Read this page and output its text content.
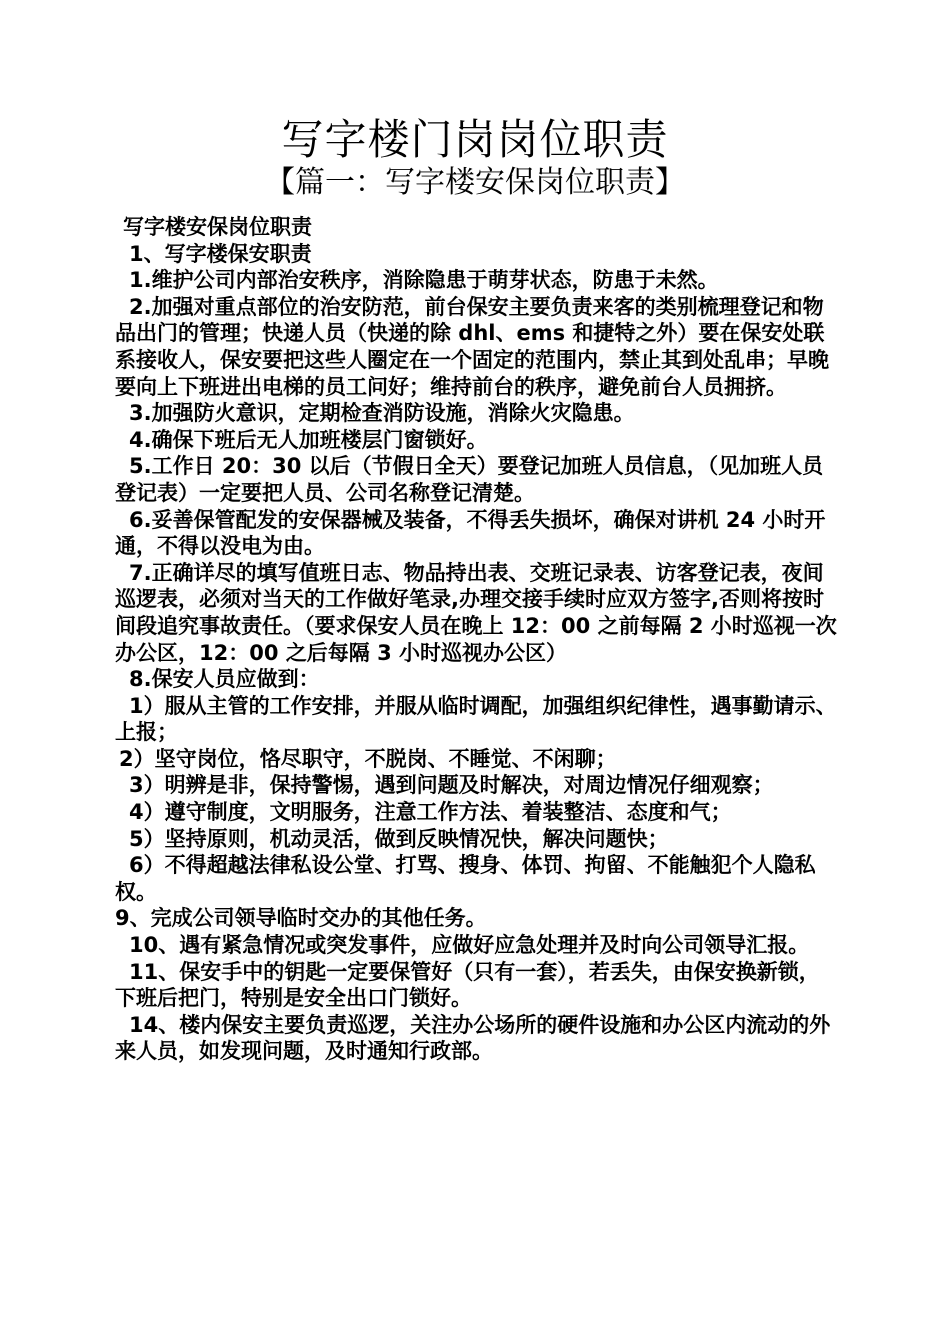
写字楼门岗岗位职责
【篇一：写字楼安保岗位职责】

写字楼安保岗位职责

1、写字楼保安职责

1.维护公司内部治安秩序，消除隐患于萌芽状态，防患于未然。

2.加强对重点部位的治安防范，前台保安主要负责来客的类别梳理登记和物品出门的管理；快递人员（快递的除 dhl、ems 和捷特之外）要在保安处联系接收人，保安要把这些人圈定在一个固定的范围内，禁止其到处乱串；早晚要向上下班进出电梯的员工问好；维持前台的秩序，避免前台人员拥挤。

3.加强防火意识，定期检查消防设施，消除火灾隐患。

4.确保下班后无人加班楼层门窗锁好。

5.工作日 20：30 以后（节假日全天）要登记加班人员信息，（见加班人员登记表）一定要把人员、公司名称登记清楚。

6.妥善保管配发的安保器械及装备，不得丢失损坏，确保对讲机 24 小时开通，不得以没电为由。

7.正确详尽的填写值班日志、物品持出表、交班记录表、访客登记表，夜间巡逻表，必须对当天的工作做好笔录,办理交接手续时应双方签字,否则将按时间段追究事故责任。（要求保安人员在晚上 12：00 之前每隔 2 小时巡视一次办公区，12：00 之后每隔 3 小时巡视办公区）

8.保安人员应做到：

1）服从主管的工作安排，并服从临时调配，加强组织纪律性，遇事勤请示、上报；

2）坚守岗位，恪尽职守，不脱岗、不睡觉、不闲聊；

3）明辨是非，保持警惕，遇到问题及时解决，对周边情况仔细观察；

4）遵守制度，文明服务，注意工作方法、着装整洁、态度和气；

5）坚持原则，机动灵活，做到反映情况快，解决问题快；

6）不得超越法律私设公堂、打骂、搜身、体罚、拘留、不能触犯个人隐私权。

9、完成公司领导临时交办的其他任务。

10、遇有紧急情况或突发事件，应做好应急处理并及时向公司领导汇报。

11、保安手中的钥匙一定要保管好（只有一套），若丢失，由保安换新锁，下班后把门，特别是安全出口门锁好。

14、楼内保安主要负责巡逻，关注办公场所的硬件设施和办公区内流动的外来人员，如发现问题，及时通知行政部。
